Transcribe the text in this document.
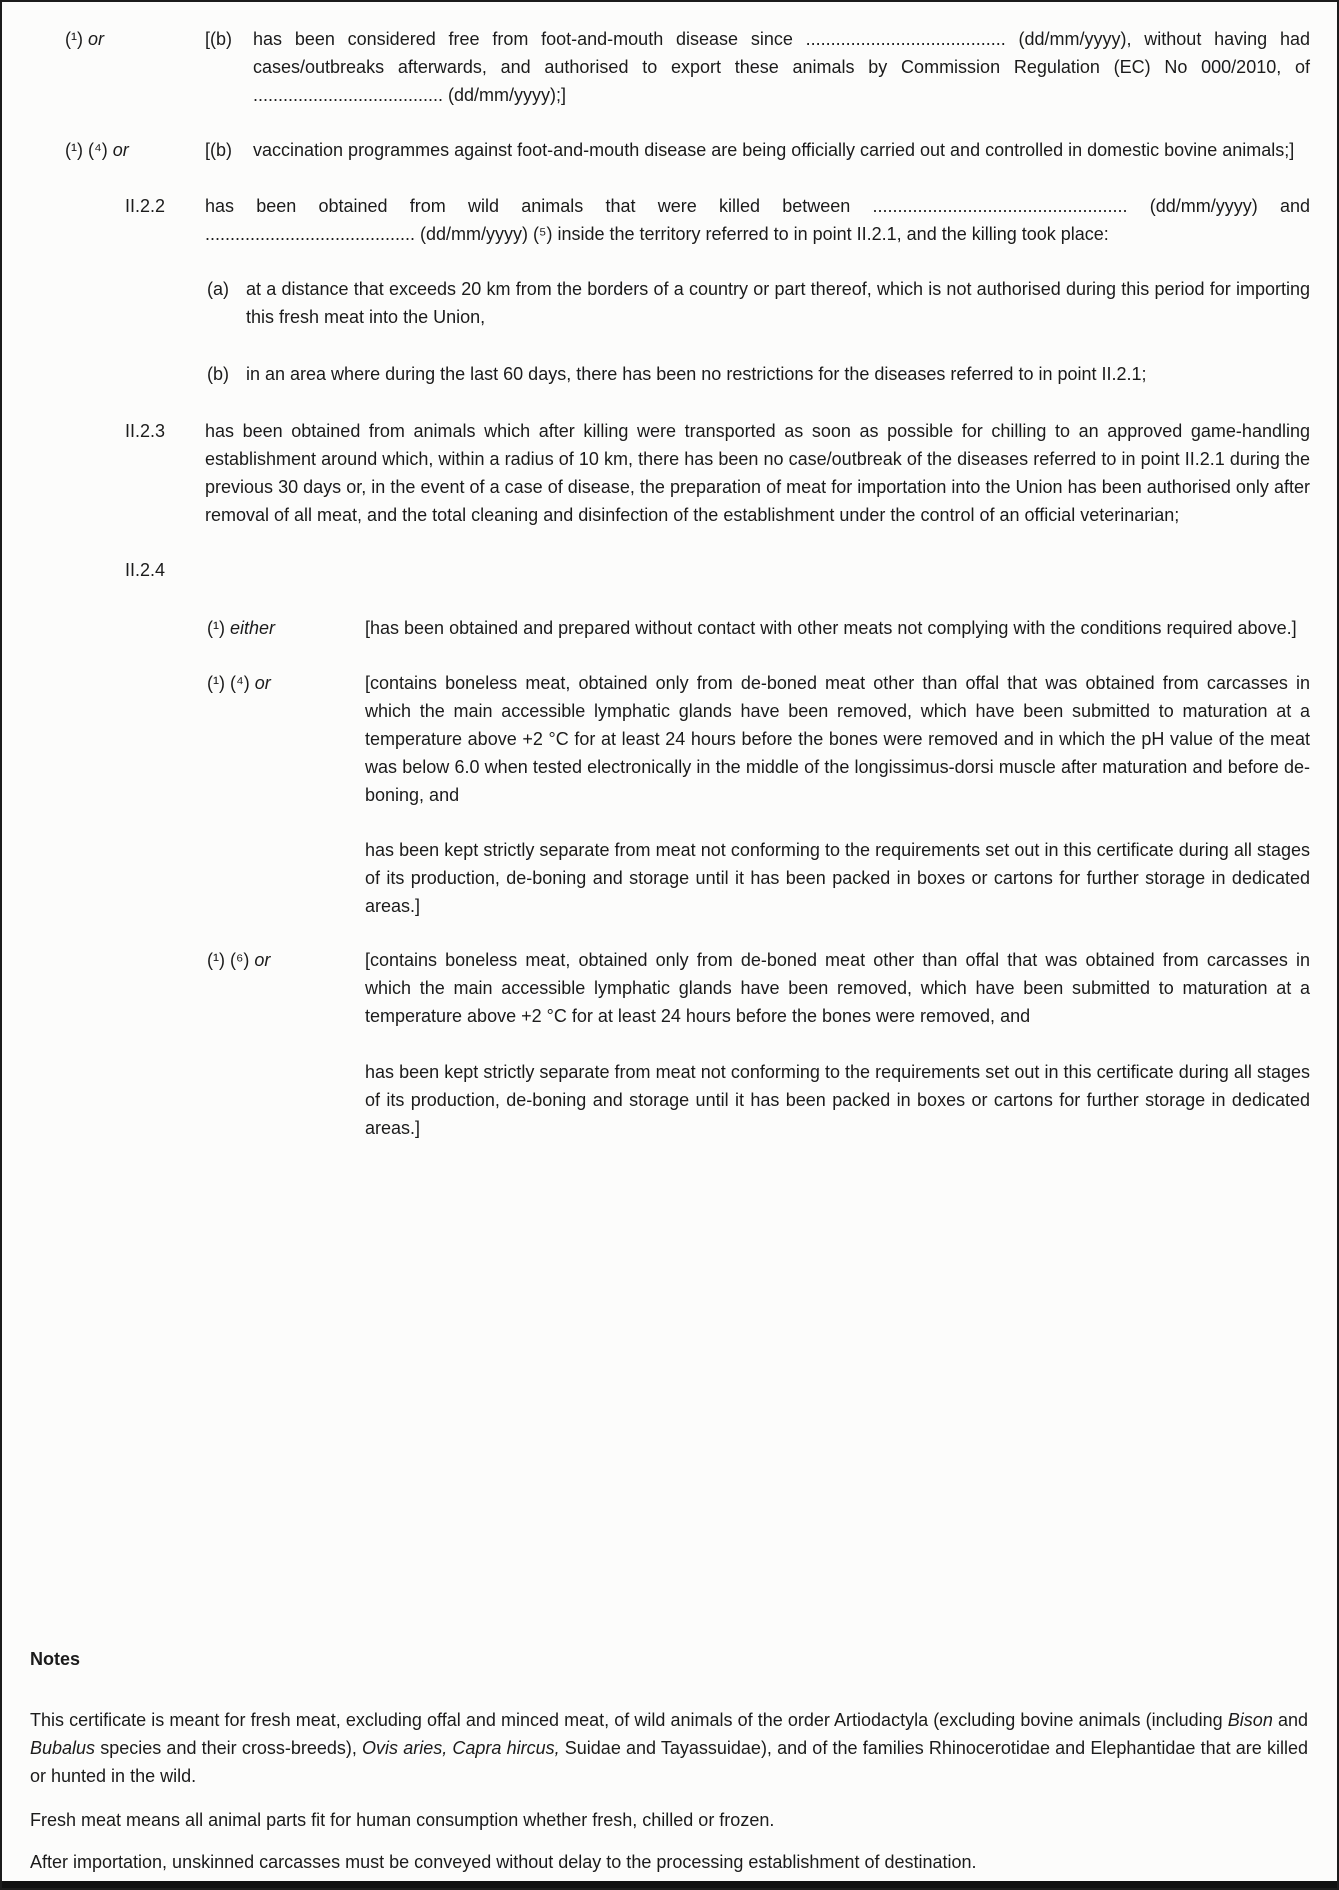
(¹) or	[(b)	has been considered free from foot-and-mouth disease since ........................................ (dd/mm/yyyy), without having had cases/outbreaks afterwards, and authorised to export these animals by Commission Regulation (EC) No 000/2010, of ...................................... (dd/mm/yyyy);]

(¹) (⁴) or	[(b)	vaccination programmes against foot-and-mouth disease are being officially carried out and controlled in domestic bovine animals;]

II.2.2	has been obtained from wild animals that were killed between ................................................... (dd/mm/yyyy) and .......................................... (dd/mm/yyyy) (⁵) inside the territory referred to in point II.2.1, and the killing took place:

(a) at a distance that exceeds 20 km from the borders of a country or part thereof, which is not authorised during this period for importing this fresh meat into the Union,

(b) in an area where during the last 60 days, there has been no restrictions for the diseases referred to in point II.2.1;

II.2.3	has been obtained from animals which after killing were transported as soon as possible for chilling to an approved game-handling establishment around which, within a radius of 10 km, there has been no case/outbreak of the diseases referred to in point II.2.1 during the previous 30 days or, in the event of a case of disease, the preparation of meat for importation into the Union has been authorised only after removal of all meat, and the total cleaning and disinfection of the establishment under the control of an official veterinarian;

II.2.4
(¹) either	[has been obtained and prepared without contact with other meats not complying with the conditions required above.]

(¹) (⁴) or	[contains boneless meat, obtained only from de-boned meat other than offal that was obtained from carcasses in which the main accessible lymphatic glands have been removed, which have been submitted to maturation at a temperature above +2 °C for at least 24 hours before the bones were removed and in which the pH value of the meat was below 6.0 when tested electronically in the middle of the longissimus-dorsi muscle after maturation and before de-boning, and

has been kept strictly separate from meat not conforming to the requirements set out in this certificate during all stages of its production, de-boning and storage until it has been packed in boxes or cartons for further storage in dedicated areas.]

(¹) (⁶) or	[contains boneless meat, obtained only from de-boned meat other than offal that was obtained from carcasses in which the main accessible lymphatic glands have been removed, which have been submitted to maturation at a temperature above +2 °C for at least 24 hours before the bones were removed, and

has been kept strictly separate from meat not conforming to the requirements set out in this certificate during all stages of its production, de-boning and storage until it has been packed in boxes or cartons for further storage in dedicated areas.]

Notes

This certificate is meant for fresh meat, excluding offal and minced meat, of wild animals of the order Artiodactyla (excluding bovine animals (including Bison and Bubalus species and their cross-breeds), Ovis aries, Capra hircus, Suidae and Tayassuidae), and of the families Rhinocerotidae and Elephantidae that are killed or hunted in the wild.

Fresh meat means all animal parts fit for human consumption whether fresh, chilled or frozen.

After importation, unskinned carcasses must be conveyed without delay to the processing establishment of destination.
